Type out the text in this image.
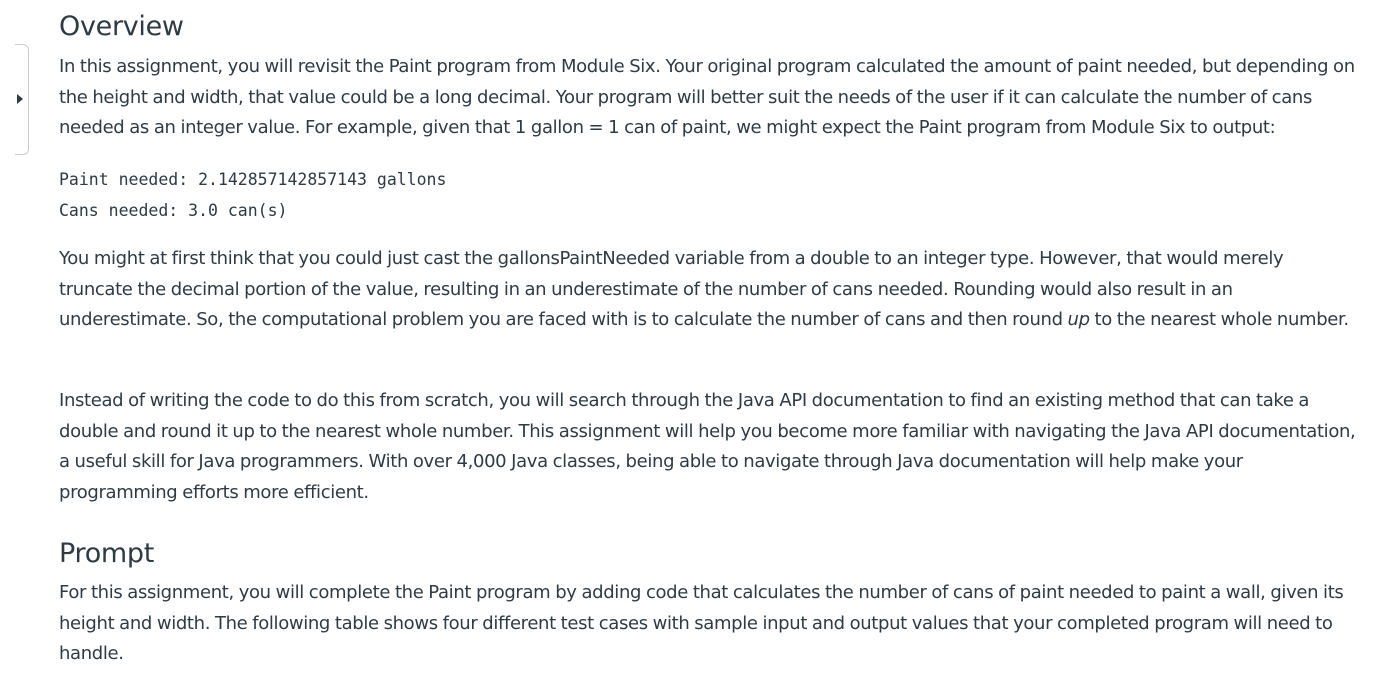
Overview

In this assignment, you will revisit the Paint program from Module Six. Your original program calculated the amount of paint needed, but depending on the height and width, that value could be a long decimal. Your program will better suit the needs of the user if it can calculate the number of cans needed as an integer value. For example, given that 1 gallon = 1 can of paint, we might expect the Paint program from Module Six to output:

Paint needed: 2.142857142857143 gallons
Cans needed: 3.0 can(s)

You might at first think that you could just cast the gallonsPaintNeeded variable from a double to an integer type. However, that would merely truncate the decimal portion of the value, resulting in an underestimate of the number of cans needed. Rounding would also result in an underestimate. So, the computational problem you are faced with is to calculate the number of cans and then round up to the nearest whole number.

Instead of writing the code to do this from scratch, you will search through the Java API documentation to find an existing method that can take a double and round it up to the nearest whole number. This assignment will help you become more familiar with navigating the Java API documentation, a useful skill for Java programmers. With over 4,000 Java classes, being able to navigate through Java documentation will help make your programming efforts more efficient.

Prompt

For this assignment, you will complete the Paint program by adding code that calculates the number of cans of paint needed to paint a wall, given its height and width. The following table shows four different test cases with sample input and output values that your completed program will need to handle.
